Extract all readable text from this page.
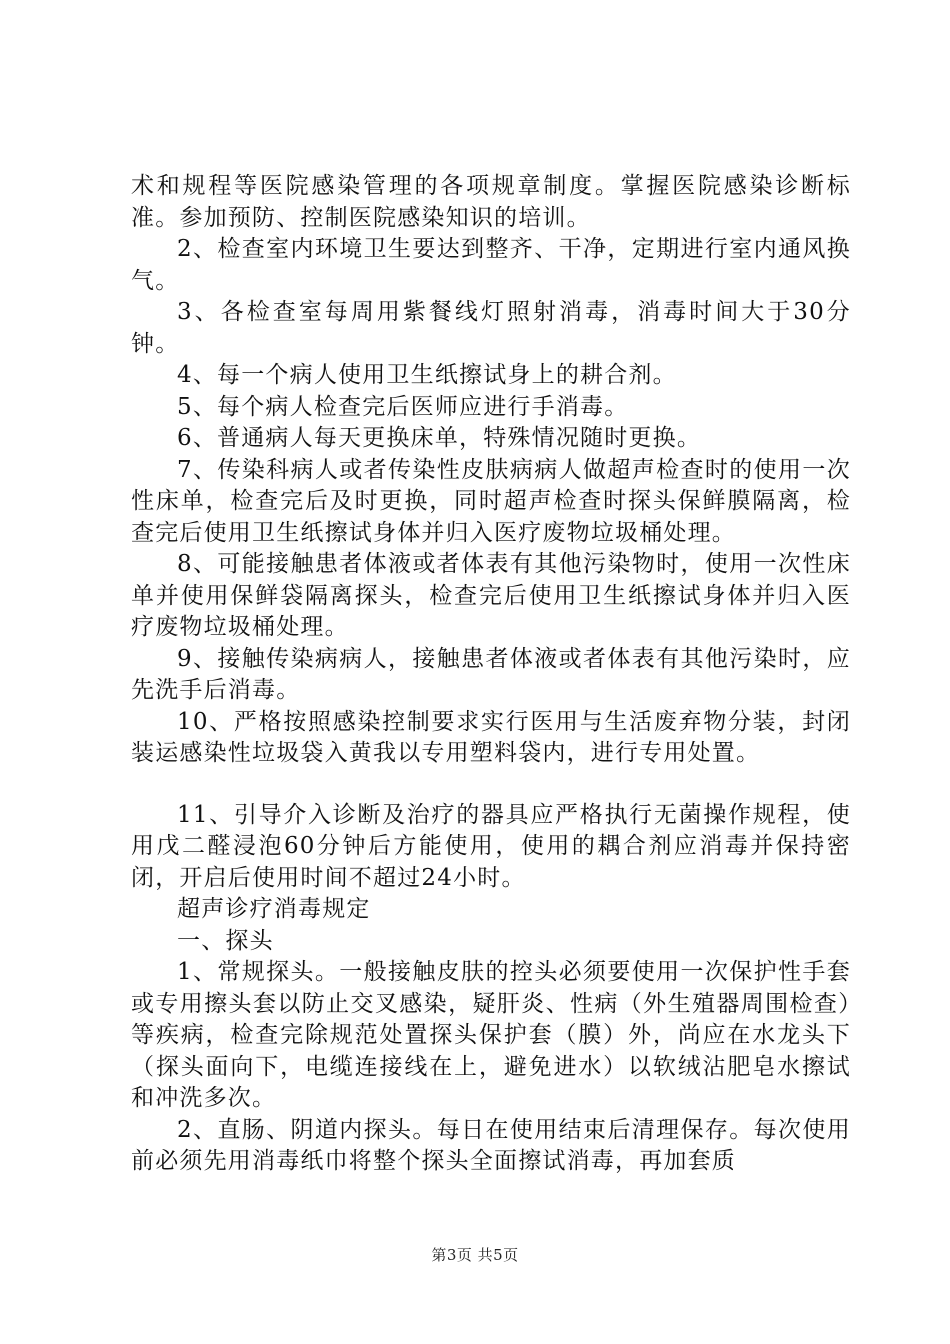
术和规程等医院感染管理的各项规章制度。掌握医院感染诊断标准。参加预防、控制医院感染知识的培训。

2、检查室内环境卫生要达到整齐、干净，定期进行室内通风换气。

3、各检查室每周用紫餐线灯照射消毒，消毒时间大于30分钟。

4、每一个病人使用卫生纸擦试身上的耕合剂。

5、每个病人检查完后医师应进行手消毒。

6、普通病人每天更换床单，特殊情况随时更换。

7、传染科病人或者传染性皮肤病病人做超声检查时的使用一次性床单，检查完后及时更换，同时超声检查时探头保鲜膜隔离，检查完后使用卫生纸擦试身体并归入医疗废物垃圾桶处理。

8、可能接触患者体液或者体表有其他污染物时，使用一次性床单并使用保鲜袋隔离探头，检查完后使用卫生纸擦试身体并归入医疗废物垃圾桶处理。

9、接触传染病病人，接触患者体液或者体表有其他污染时，应先洗手后消毒。

10、严格按照感染控制要求实行医用与生活废弃物分装，封闭装运感染性垃圾袋入黄我以专用塑料袋内，进行专用处置。

11、引导介入诊断及治疗的器具应严格执行无菌操作规程，使用戊二醛浸泡60分钟后方能使用，使用的耦合剂应消毒并保持密闭，开启后使用时间不超过24小时。

超声诊疗消毒规定

一、探头

1、常规探头。一般接触皮肤的控头必须要使用一次保护性手套或专用擦头套以防止交叉感染，疑肝炎、性病（外生殖器周围检查）等疾病，检查完除规范处置探头保护套（膜）外，尚应在水龙头下（探头面向下，电缆连接线在上，避免进水）以软绒沾肥皂水擦试和冲洗多次。

2、直肠、阴道内探头。每日在使用结束后清理保存。每次使用前必须先用消毒纸巾将整个探头全面擦试消毒，再加套质

第3页 共5页
